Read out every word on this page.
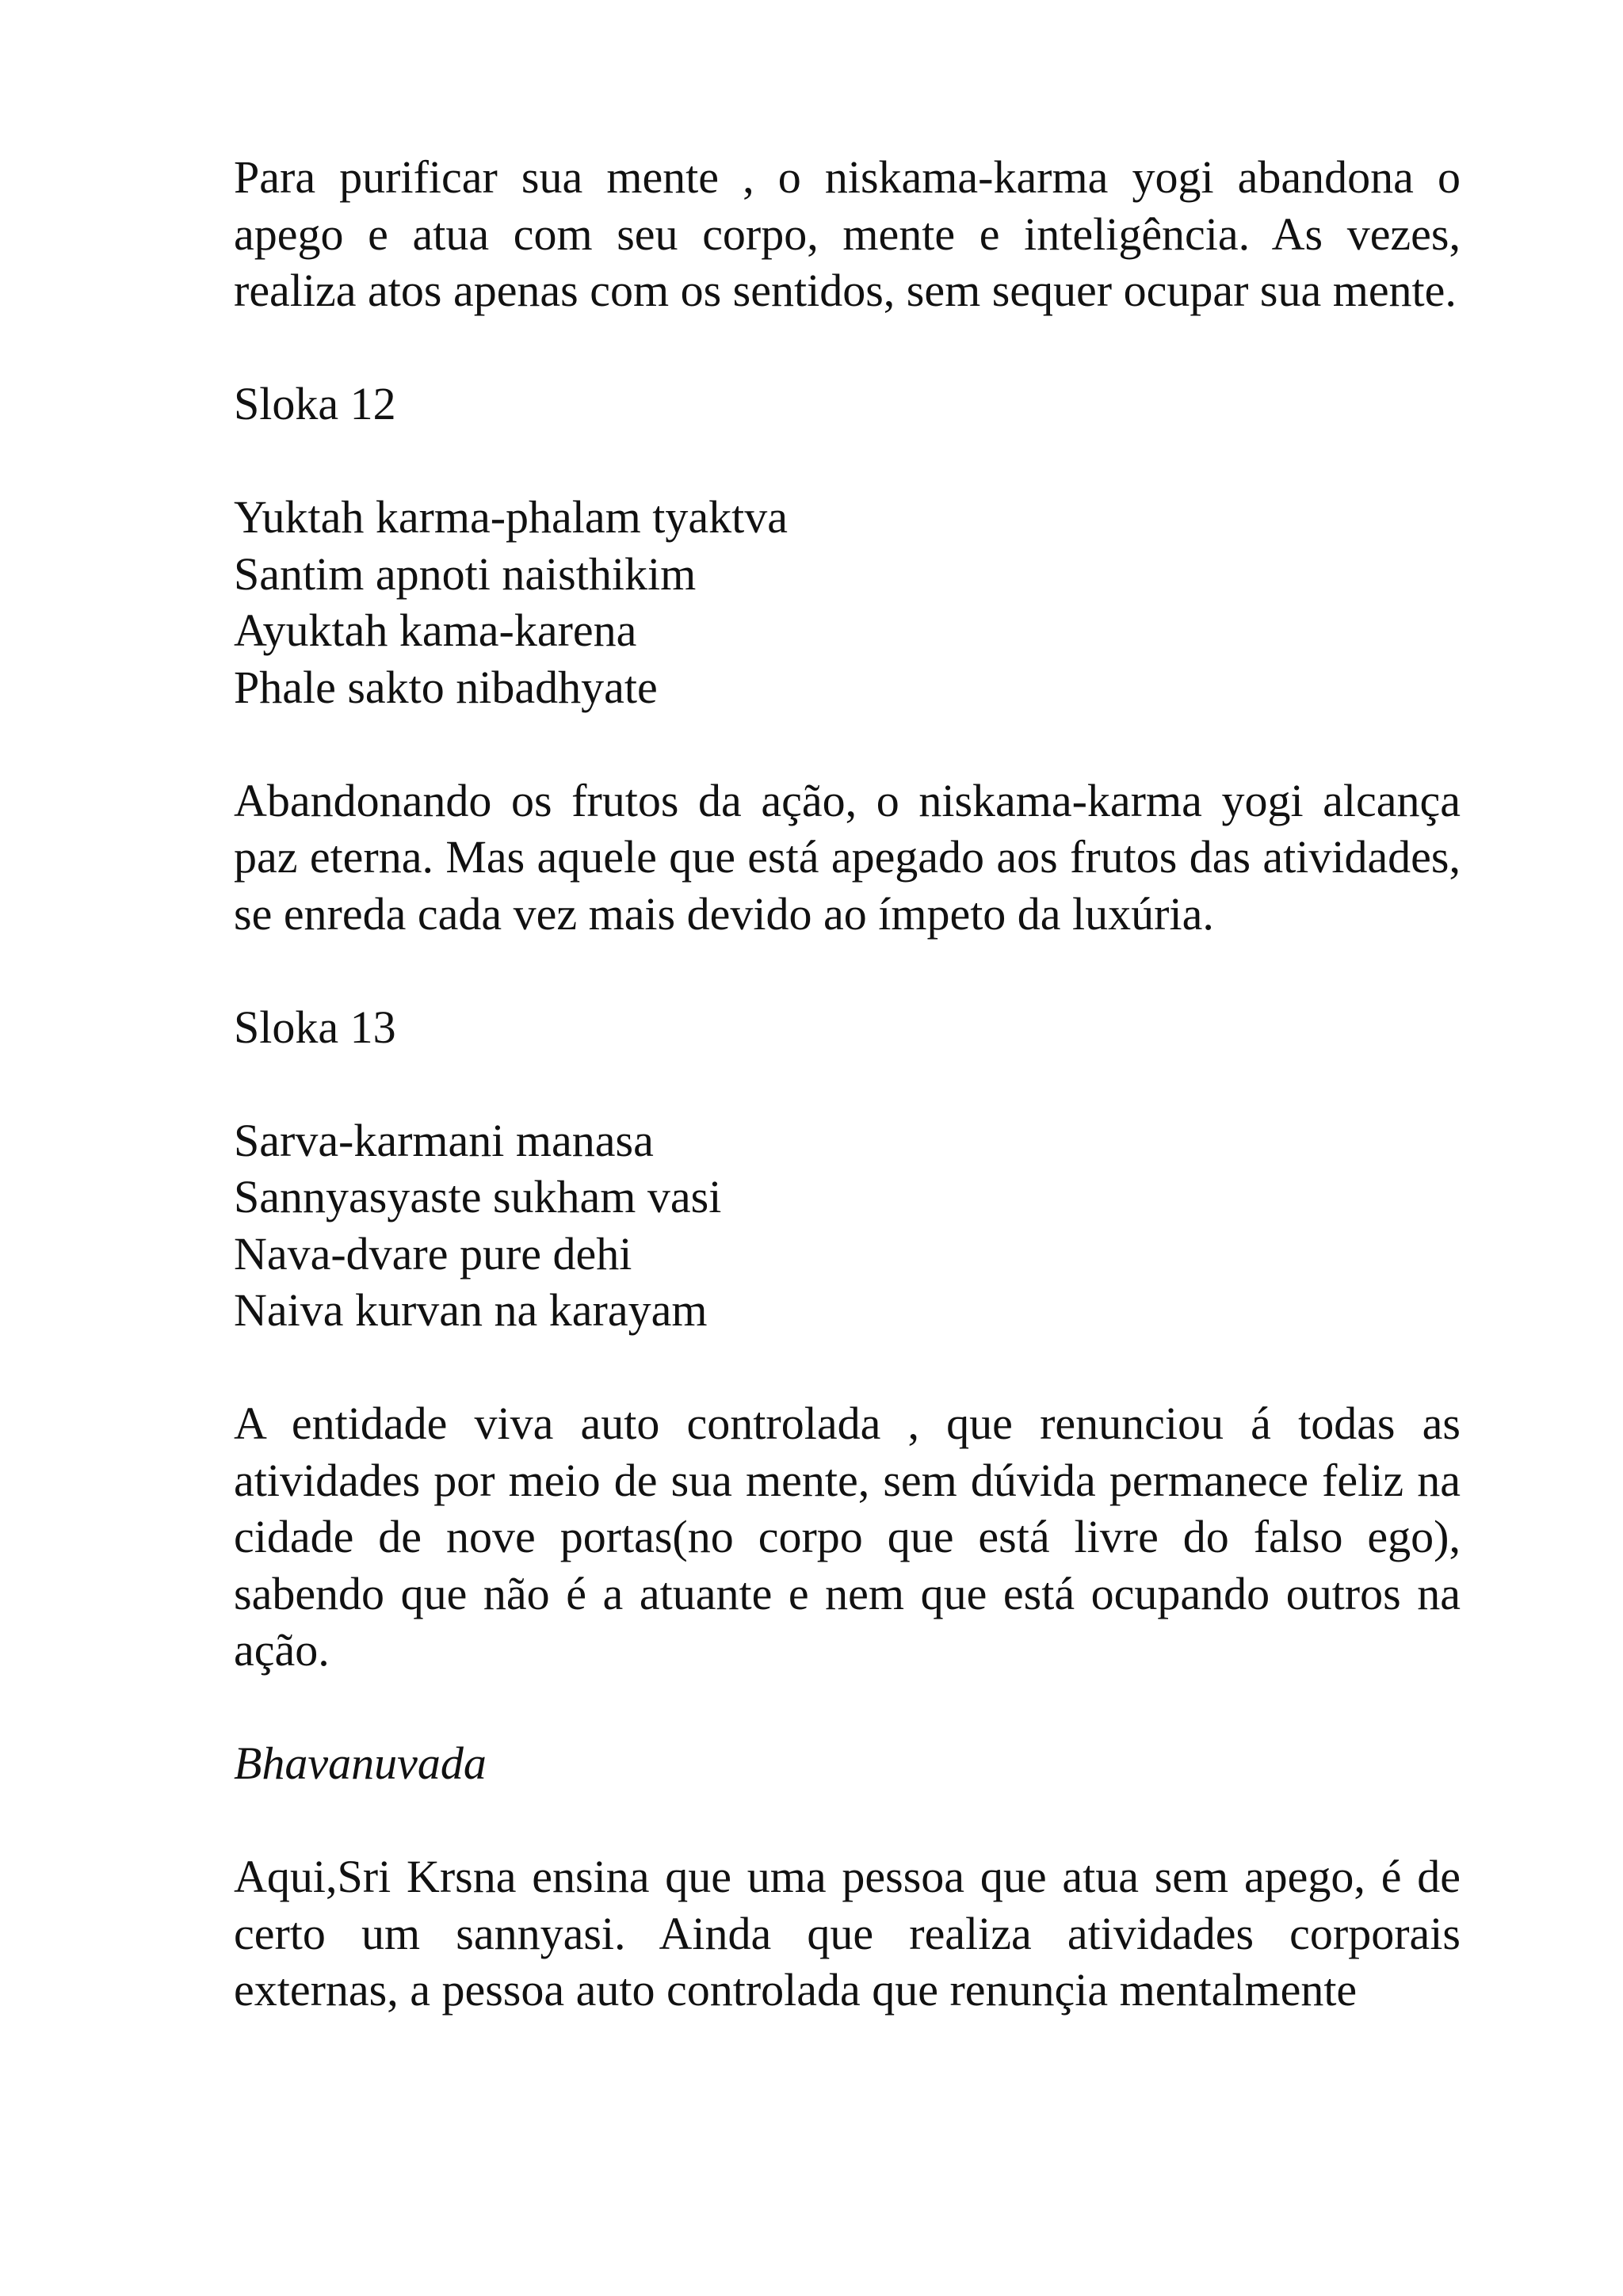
Para purificar sua mente , o niskama-karma yogi abandona o apego e atua com seu corpo, mente e inteligência. As vezes, realiza atos apenas com os sentidos, sem sequer ocupar sua mente.

Sloka 12

Yuktah karma-phalam tyaktva
Santim apnoti naisthikim
Ayuktah kama-karena
Phale sakto nibadhyate

Abandonando os frutos da ação, o niskama-karma yogi alcança paz eterna. Mas aquele que está apegado aos frutos das atividades, se enreda cada vez mais devido ao ímpeto da luxúria.

Sloka 13

Sarva-karmani manasa
Sannyasyaste sukham vasi
Nava-dvare pure dehi
Naiva kurvan na karayam

A entidade viva auto controlada , que renunciou á todas as atividades por meio de sua mente, sem dúvida permanece feliz na cidade de nove portas(no corpo que está livre do falso ego), sabendo que não é a atuante e nem que está ocupando outros na ação.

Bhavanuvada

Aqui,Sri Krsna ensina que uma pessoa que atua sem apego, é de certo um sannyasi. Ainda que realiza atividades corporais externas, a pessoa auto controlada que renunçia mentalmente
